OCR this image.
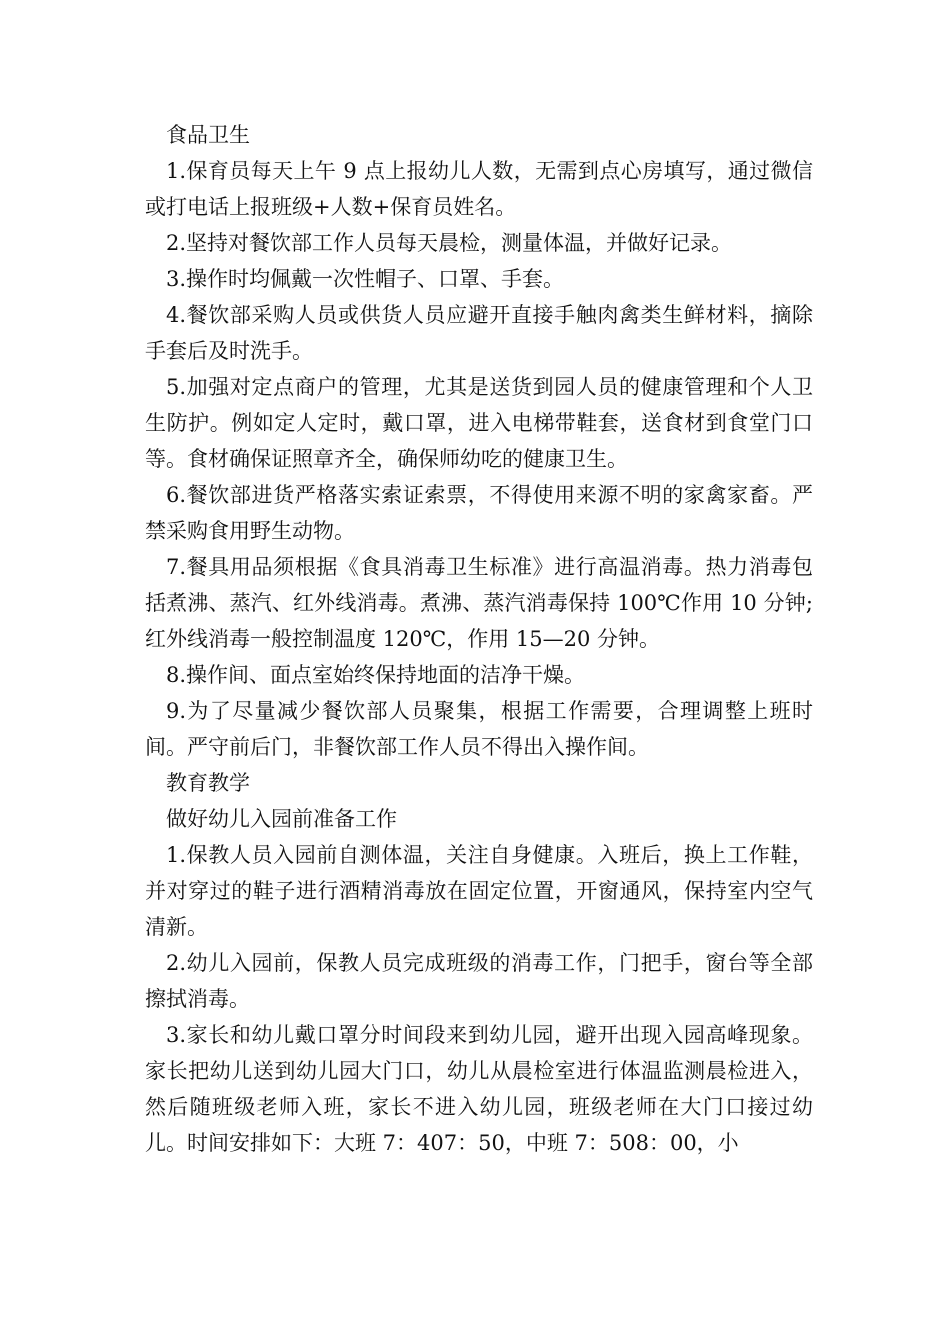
食品卫生

1.保育员每天上午 9 点上报幼儿人数，无需到点心房填写，通过微信或打电话上报班级+人数+保育员姓名。

2.坚持对餐饮部工作人员每天晨检，测量体温，并做好记录。

3.操作时均佩戴一次性帽子、口罩、手套。

4.餐饮部采购人员或供货人员应避开直接手触肉禽类生鲜材料，摘除手套后及时洗手。

5.加强对定点商户的管理，尤其是送货到园人员的健康管理和个人卫生防护。例如定人定时，戴口罩，进入电梯带鞋套，送食材到食堂门口等。食材确保证照章齐全，确保师幼吃的健康卫生。

6.餐饮部进货严格落实索证索票，不得使用来源不明的家禽家畜。严禁采购食用野生动物。

7.餐具用品须根据《食具消毒卫生标准》进行高温消毒。热力消毒包括煮沸、蒸汽、红外线消毒。煮沸、蒸汽消毒保持 100℃作用 10 分钟;红外线消毒一般控制温度 120℃，作用 15—20 分钟。

8.操作间、面点室始终保持地面的洁净干燥。

9.为了尽量减少餐饮部人员聚集，根据工作需要，合理调整上班时间。严守前后门，非餐饮部工作人员不得出入操作间。

教育教学

做好幼儿入园前准备工作

1.保教人员入园前自测体温，关注自身健康。入班后，换上工作鞋，并对穿过的鞋子进行酒精消毒放在固定位置，开窗通风，保持室内空气清新。

2.幼儿入园前，保教人员完成班级的消毒工作，门把手，窗台等全部擦拭消毒。

3.家长和幼儿戴口罩分时间段来到幼儿园，避开出现入园高峰现象。家长把幼儿送到幼儿园大门口，幼儿从晨检室进行体温监测晨检进入，然后随班级老师入班，家长不进入幼儿园，班级老师在大门口接过幼儿。时间安排如下：大班 7：407：50，中班 7：508：00，小
